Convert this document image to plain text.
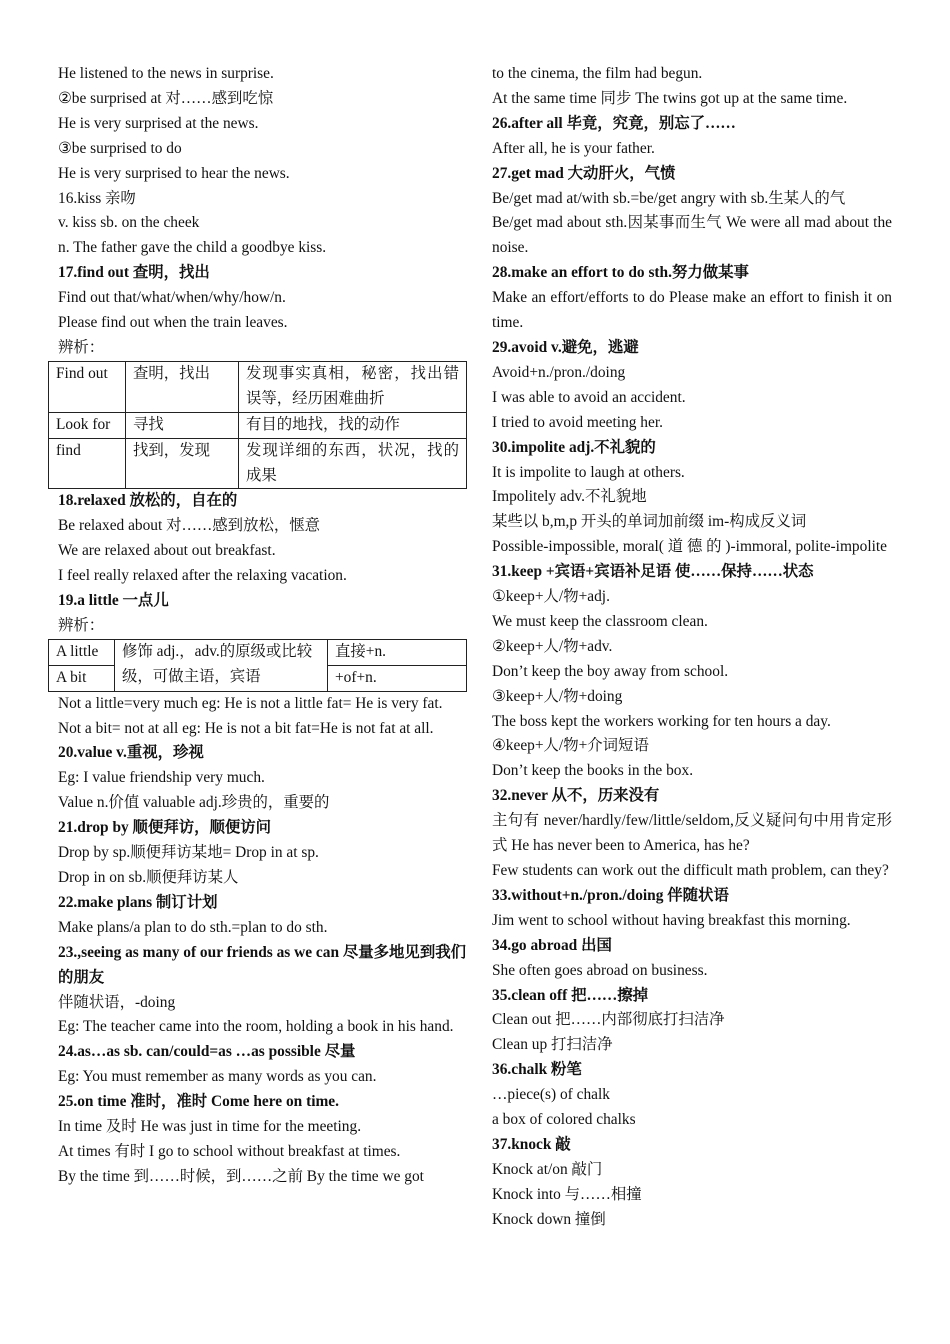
He listened to the news in surprise.

②be surprised at 对……感到吃惊

He is very surprised at the news.

③be surprised to do

He is very surprised to hear the news.

16.kiss 亲吻

v. kiss sb. on the cheek

n. The father gave the child a goodbye kiss.

17.find out 查明，找出

Find out that/what/when/why/how/n.

Please find out when the train leaves.

辨析：

Find out	查明，找出	发现事实真相，秘密，找出错误等，经历困难曲折
Look for	寻找	有目的地找，找的动作
find	找到，发现	发现详细的东西，状况，找的成果

18.relaxed 放松的，自在的

Be relaxed about 对……感到放松，惬意

We are relaxed about out breakfast.

I feel really relaxed after the relaxing vacation.

19.a little 一点儿

辨析：

A little	修饰 adj.，adv.的原级或比较级，可做主语，宾语	直接+n.
A bit		+of+n.

Not a little=very much eg: He is not a little fat= He is very fat.

Not a bit= not at all eg: He is not a bit fat=He is not fat at all.

20.value v.重视，珍视

Eg: I value friendship very much.

Value n.价值 valuable adj.珍贵的，重要的

21.drop by 顺便拜访，顺便访问

Drop by sp.顺便拜访某地= Drop in at sp.

Drop in on sb.顺便拜访某人

22.make plans 制订计划

Make plans/a plan to do sth.=plan to do sth.

23.,seeing as many of our friends as we can 尽量多地见到我们的朋友

伴随状语，-doing

Eg: The teacher came into the room, holding a book in his hand.

24.as…as sb. can/could=as …as possible 尽量

Eg: You must remember as many words as you can.

25.on time 准时，准时 Come here on time.

In time 及时 He was just in time for the meeting.

At times 有时 I go to school without breakfast at times.

By the time 到……时候，到……之前 By the time we got

to the cinema, the film had begun.

At the same time 同步 The twins got up at the same time.

26.after all 毕竟，究竟，别忘了……

After all, he is your father.

27.get mad 大动肝火，气愤

Be/get mad at/with sb.=be/get angry with sb.生某人的气

Be/get mad about sth.因某事而生气 We were all mad about the noise.

28.make an effort to do sth.努力做某事

Make an effort/efforts to do Please make an effort to finish it on time.

29.avoid v.避免，逃避

Avoid+n./pron./doing

I was able to avoid an accident.

I tried to avoid meeting her.

30.impolite adj.不礼貌的

It is impolite to laugh at others.

Impolitely adv.不礼貌地

某些以 b,m,p 开头的单词加前缀 im-构成反义词

Possible-impossible, moral( 道 德 的 )-immoral, polite-impolite

31.keep +宾语+宾语补足语 使……保持……状态

①keep+人/物+adj.

We must keep the classroom clean.

②keep+人/物+adv.

Don’t keep the boy away from school.

③keep+人/物+doing

The boss kept the workers working for ten hours a day.

④keep+人/物+介词短语

Don’t keep the books in the box.

32.never 从不，历来没有

主句有 never/hardly/few/little/seldom,反义疑问句中用肯定形式 He has never been to America, has he?

Few students can work out the difficult math problem, can they?

33.without+n./pron./doing 伴随状语

Jim went to school without having breakfast this morning.

34.go abroad 出国

She often goes abroad on business.

35.clean off 把……擦掉

Clean out 把……内部彻底打扫洁净

Clean up 打扫洁净

36.chalk 粉笔

…piece(s) of chalk

a box of colored chalks

37.knock 敲

Knock at/on 敲门

Knock into 与……相撞

Knock down 撞倒
